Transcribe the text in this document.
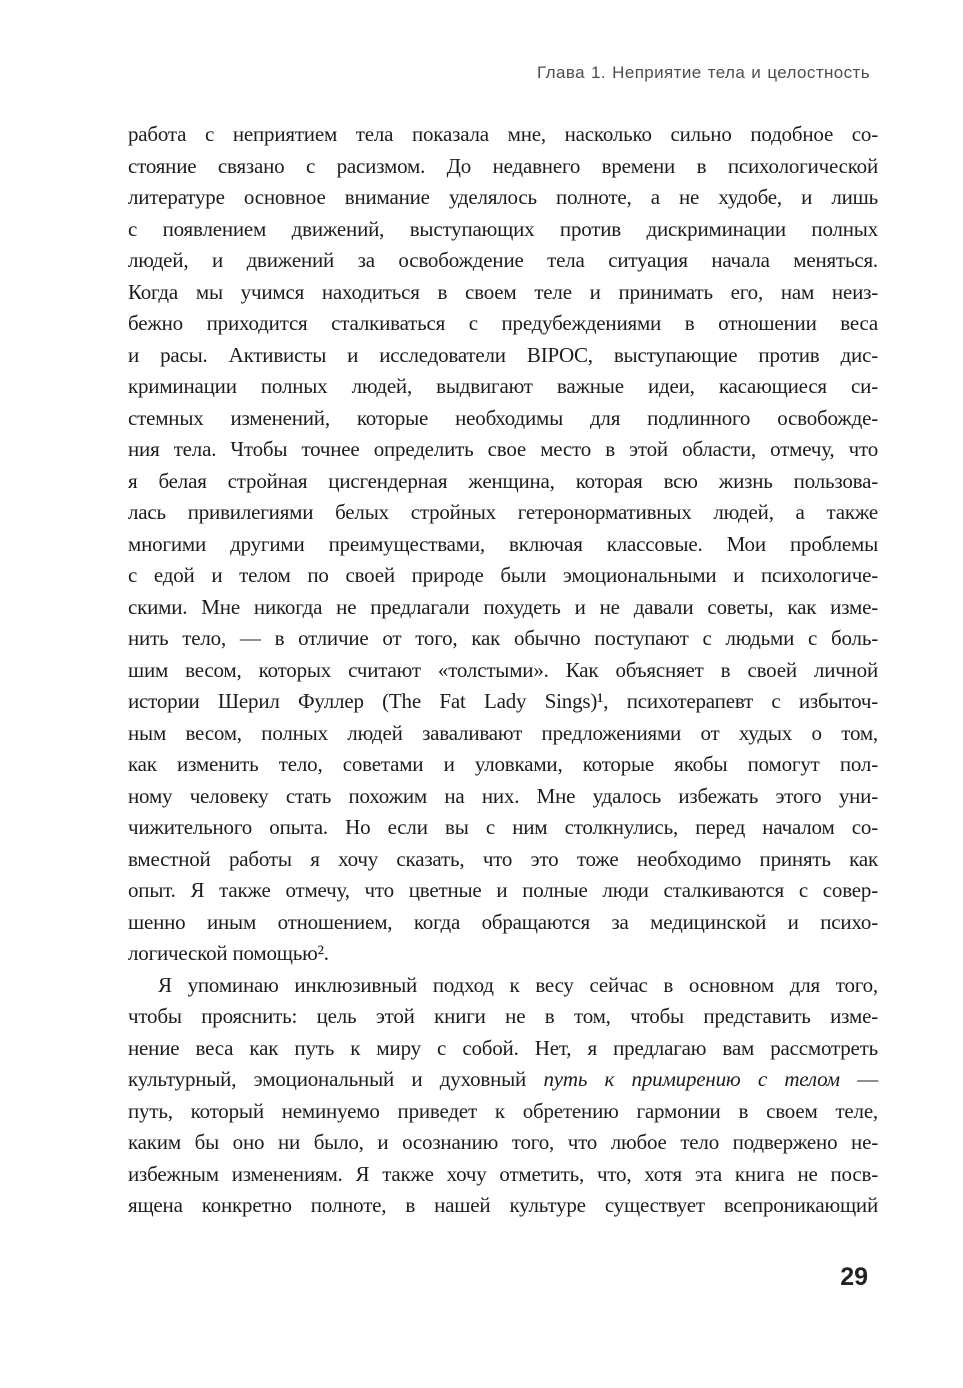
Глава 1. Неприятие тела и целостность
работа с неприятием тела показала мне, насколько сильно подобное со-
стояние связано с расизмом. До недавнего времени в психологической
литературе основное внимание уделялось полноте, а не худобе, и лишь
с появлением движений, выступающих против дискриминации полных
людей, и движений за освобождение тела ситуация начала меняться.
Когда мы учимся находиться в своем теле и принимать его, нам неиз-
бежно приходится сталкиваться с предубеждениями в отношении веса
и расы. Активисты и исследователи BIPOC, выступающие против дис-
криминации полных людей, выдвигают важные идеи, касающиеся си-
стемных изменений, которые необходимы для подлинного освобожде-
ния тела. Чтобы точнее определить свое место в этой области, отмечу, что
я белая стройная цисгендерная женщина, которая всю жизнь пользова-
лась привилегиями белых стройных гетеронормативных людей, а также
многими другими преимуществами, включая классовые. Мои проблемы
с едой и телом по своей природе были эмоциональными и психологиче-
скими. Мне никогда не предлагали похудеть и не давали советы, как изме-
нить тело, — в отличие от того, как обычно поступают с людьми с боль-
шим весом, которых считают «толстыми». Как объясняет в своей личной
истории Шерил Фуллер (The Fat Lady Sings)¹, психотерапевт с избыточ-
ным весом, полных людей заваливают предложениями от худых о том,
как изменить тело, советами и уловками, которые якобы помогут пол-
ному человеку стать похожим на них. Мне удалось избежать этого уни-
чижительного опыта. Но если вы с ним столкнулись, перед началом со-
вместной работы я хочу сказать, что это тоже необходимо принять как
опыт. Я также отмечу, что цветные и полные люди сталкиваются с совер-
шенно иным отношением, когда обращаются за медицинской и психо-
логической помощью².
Я упоминаю инклюзивный подход к весу сейчас в основном для того,
чтобы прояснить: цель этой книги не в том, чтобы представить изме-
нение веса как путь к миру с собой. Нет, я предлагаю вам рассмотреть
культурный, эмоциональный и духовный путь к примирению с телом —
путь, который неминуемо приведет к обретению гармонии в своем теле,
каким бы оно ни было, и осознанию того, что любое тело подвержено не-
избежным изменениям. Я также хочу отметить, что, хотя эта книга не посв-
ящена конкретно полноте, в нашей культуре существует всепроникающий
29
